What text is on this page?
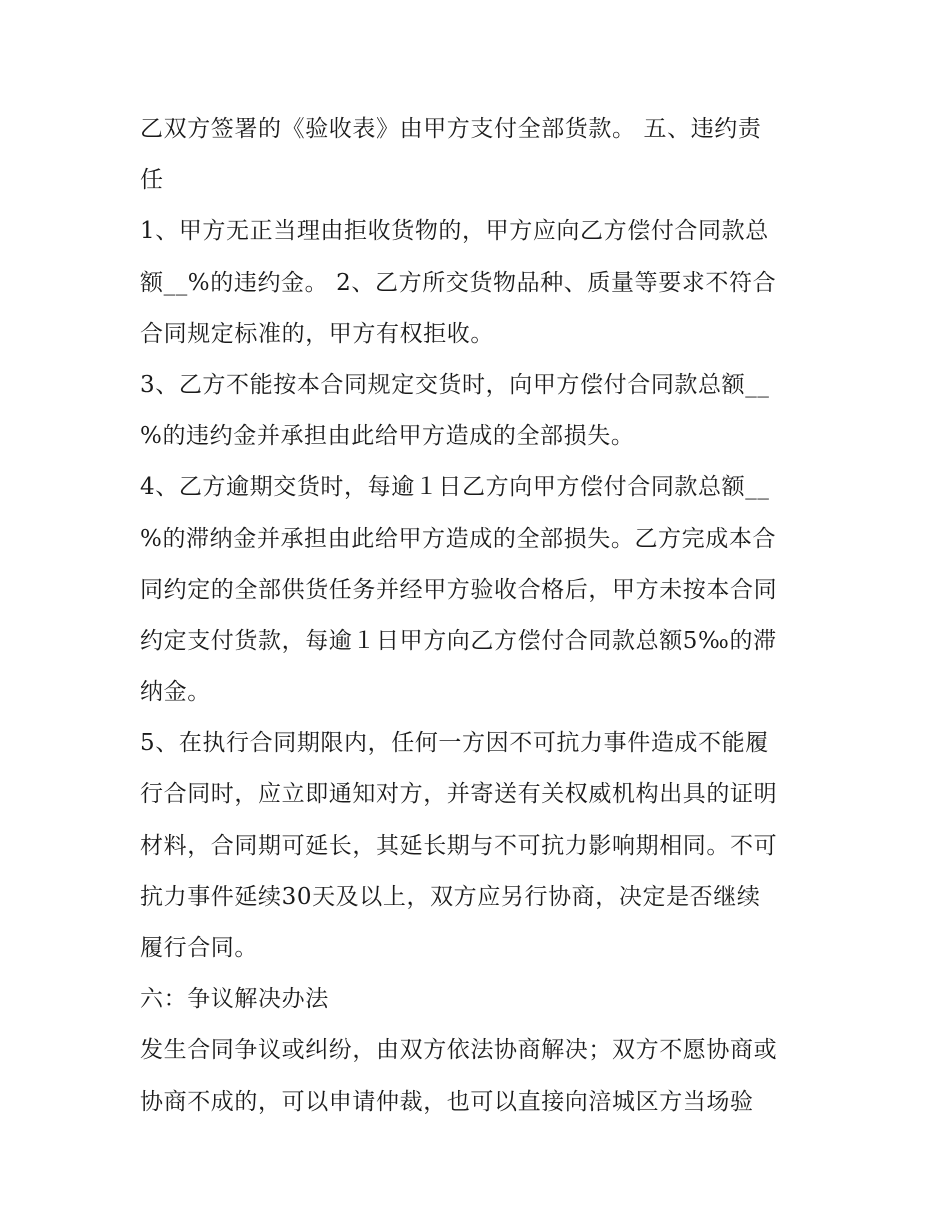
乙双方签署的《验收表》由甲方支付全部货款。 五、违约责
任
1、甲方无正当理由拒收货物的，甲方应向乙方偿付合同款总
额__%的违约金。 2、乙方所交货物品种、质量等要求不符合
合同规定标准的，甲方有权拒收。
3、乙方不能按本合同规定交货时，向甲方偿付合同款总额__
%的违约金并承担由此给甲方造成的全部损失。
4、乙方逾期交货时，每逾１日乙方向甲方偿付合同款总额__
%的滞纳金并承担由此给甲方造成的全部损失。乙方完成本合
同约定的全部供货任务并经甲方验收合格后，甲方未按本合同
约定支付货款，每逾１日甲方向乙方偿付合同款总额5‰的滞
纳金。
5、在执行合同期限内，任何一方因不可抗力事件造成不能履
行合同时，应立即通知对方，并寄送有关权威机构出具的证明
材料，合同期可延长，其延长期与不可抗力影响期相同。不可
抗力事件延续30天及以上，双方应另行协商，决定是否继续
履行合同。
六：争议解决办法
发生合同争议或纠纷，由双方依法协商解决；双方不愿协商或
协商不成的，可以申请仲裁，也可以直接向涪城区方当场验
